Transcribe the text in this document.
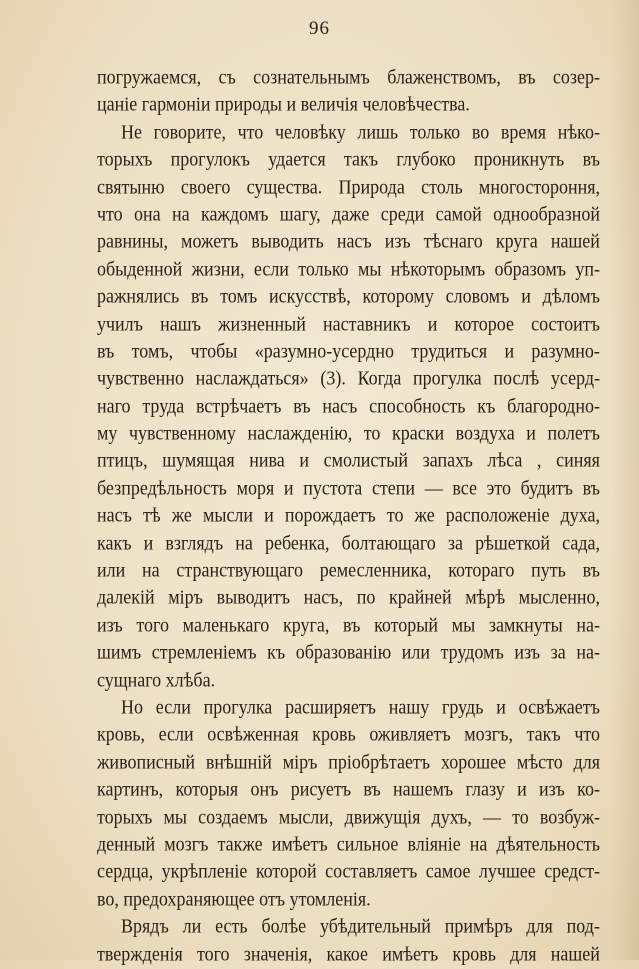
96
погружаемся, съ сознательнымъ блаженствомъ, въ созер-
цаніе гармоніи природы и величія человѣчества.
Не говорите, что человѣку лишь только во время нѣко-
торыхъ прогулокъ удается такъ глубоко проникнуть въ
святыню своего существа. Природа столь многостороння,
что она на каждомъ шагу, даже среди самой однообразной
равнины, можетъ выводить насъ изъ тѣснаго круга нашей
обыденной жизни, если только мы нѣкоторымъ образомъ уп-
ражнялись въ томъ искусствѣ, которому словомъ и дѣломъ
училъ нашъ жизненный наставникъ и которое состоитъ
въ томъ, чтобы «разумно-усердно трудиться и разумно-
чувственно наслаждаться» (3). Когда прогулка послѣ усерд-
наго труда встрѣчаетъ въ насъ способность къ благородно-
му чувственному наслажденію, то краски воздуха и полетъ
птицъ, шумящая нива и смолистый запахъ лѣса , синяя
безпредѣльность моря и пустота степи — все это будитъ въ
насъ тѣ же мысли и порождаетъ то же расположеніе духа,
какъ и взглядъ на ребенка, болтающаго за рѣшеткой сада,
или на странствующаго ремесленника, котораго путь въ
далекій міръ выводитъ насъ, по крайней мѣрѣ мысленно,
изъ того маленькаго круга, въ который мы замкнуты на-
шимъ стремленіемъ къ образованію или трудомъ изъ за на-
сущнаго хлѣба.
Но если прогулка расширяетъ нашу грудь и освѣжаетъ
кровь, если освѣженная кровь оживляетъ мозгъ, такъ что
живописный внѣшній міръ пріобрѣтаетъ хорошее мѣсто для
картинъ, которыя онъ рисуетъ въ нашемъ глазу и изъ ко-
торыхъ мы создаемъ мысли, движущія духъ, — то возбуж-
денный мозгъ также имѣетъ сильное вліяніе на дѣятельность
сердца, укрѣпленіе которой составляетъ самое лучшее средст-
во, предохраняющее отъ утомленія.
Врядъ ли есть болѣе убѣдительный примѣръ для под-
твержденія того значенія, какое имѣетъ кровь для нашей
